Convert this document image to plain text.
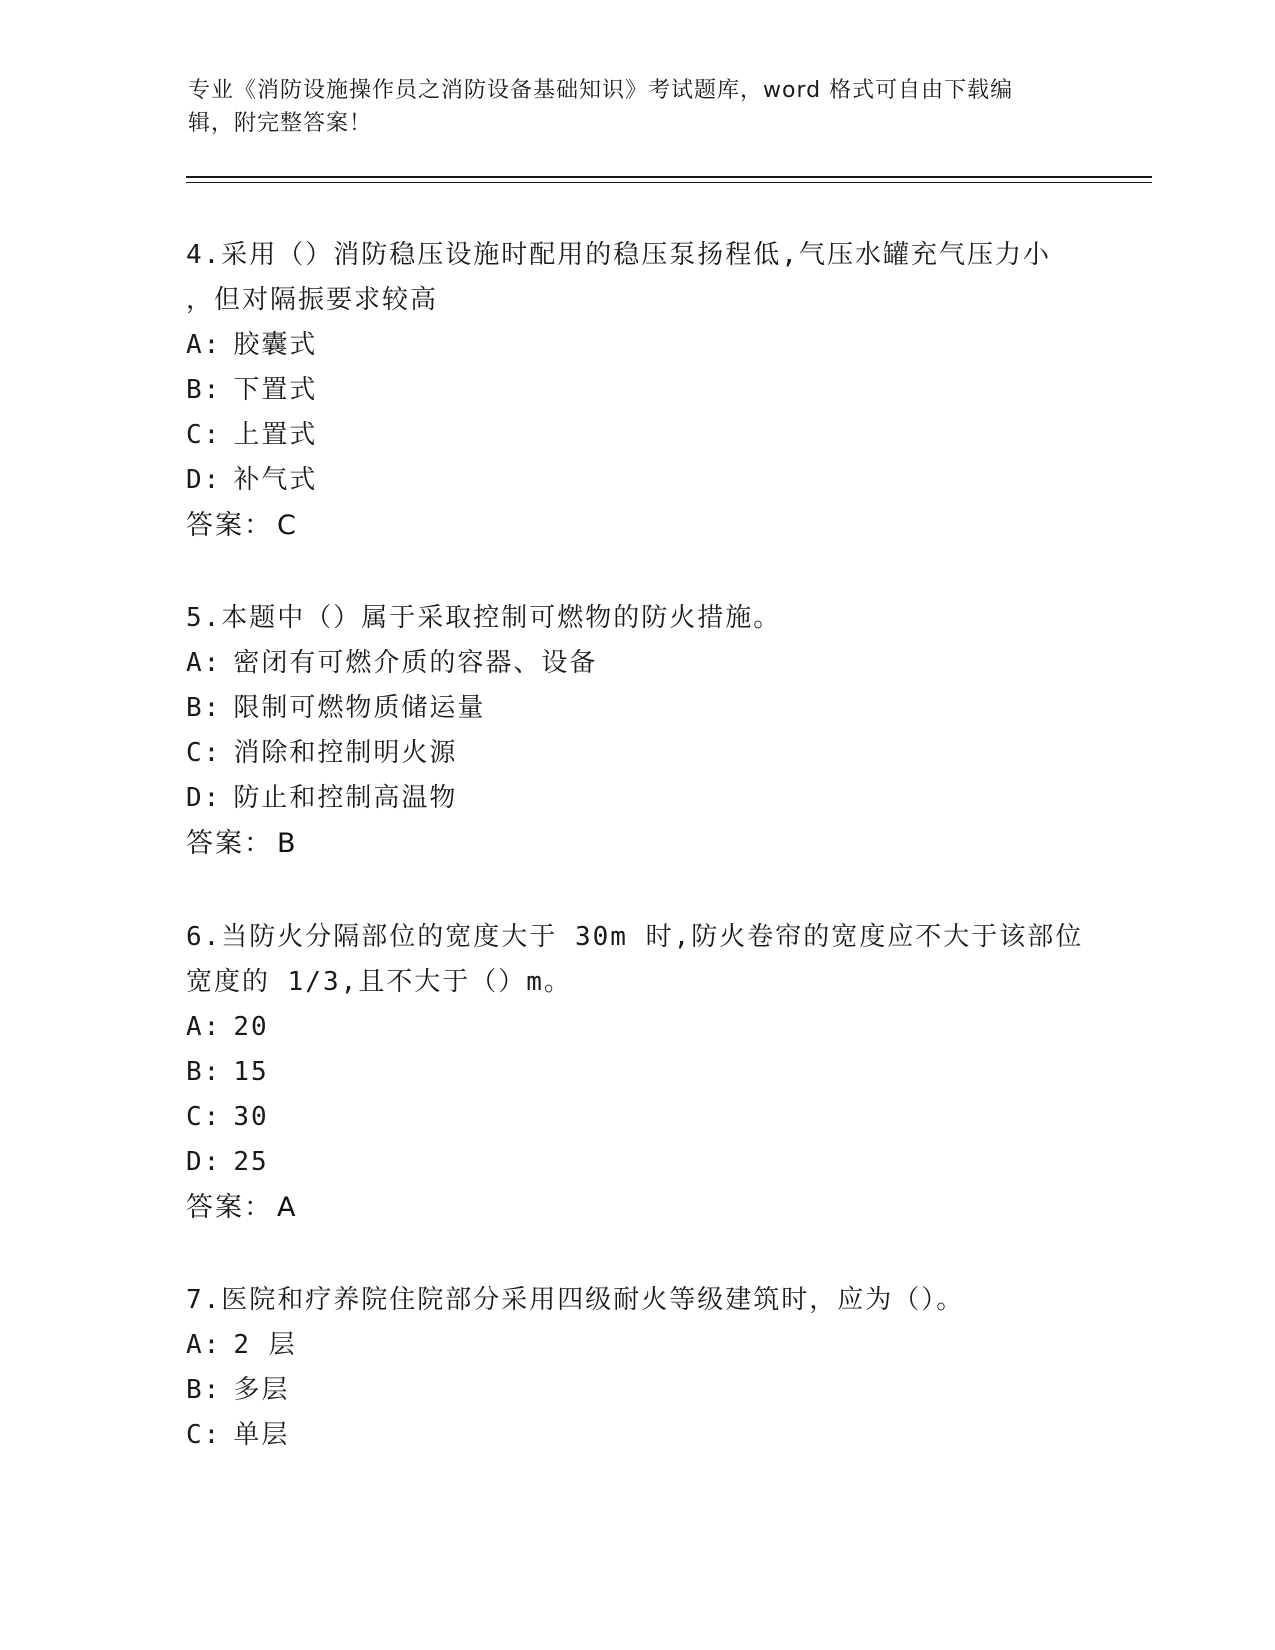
专业《消防设施操作员之消防设备基础知识》考试题库，word 格式可自由下载编
辑，附完整答案！
4.采用（）消防稳压设施时配用的稳压泵扬程低,气压水罐充气压力小
，但对隔振要求较高
A: 胶囊式
B: 下置式
C: 上置式
D: 补气式
答案： C
5.本题中（）属于采取控制可燃物的防火措施。
A: 密闭有可燃介质的容器、设备
B: 限制可燃物质储运量
C: 消除和控制明火源
D: 防止和控制高温物
答案： B
6.当防火分隔部位的宽度大于 30m 时,防火卷帘的宽度应不大于该部位
宽度的 1/3,且不大于（）m。
A: 20
B: 15
C: 30
D: 25
答案： A
7.医院和疗养院住院部分采用四级耐火等级建筑时，应为（）。
A: 2 层
B: 多层
C: 单层
